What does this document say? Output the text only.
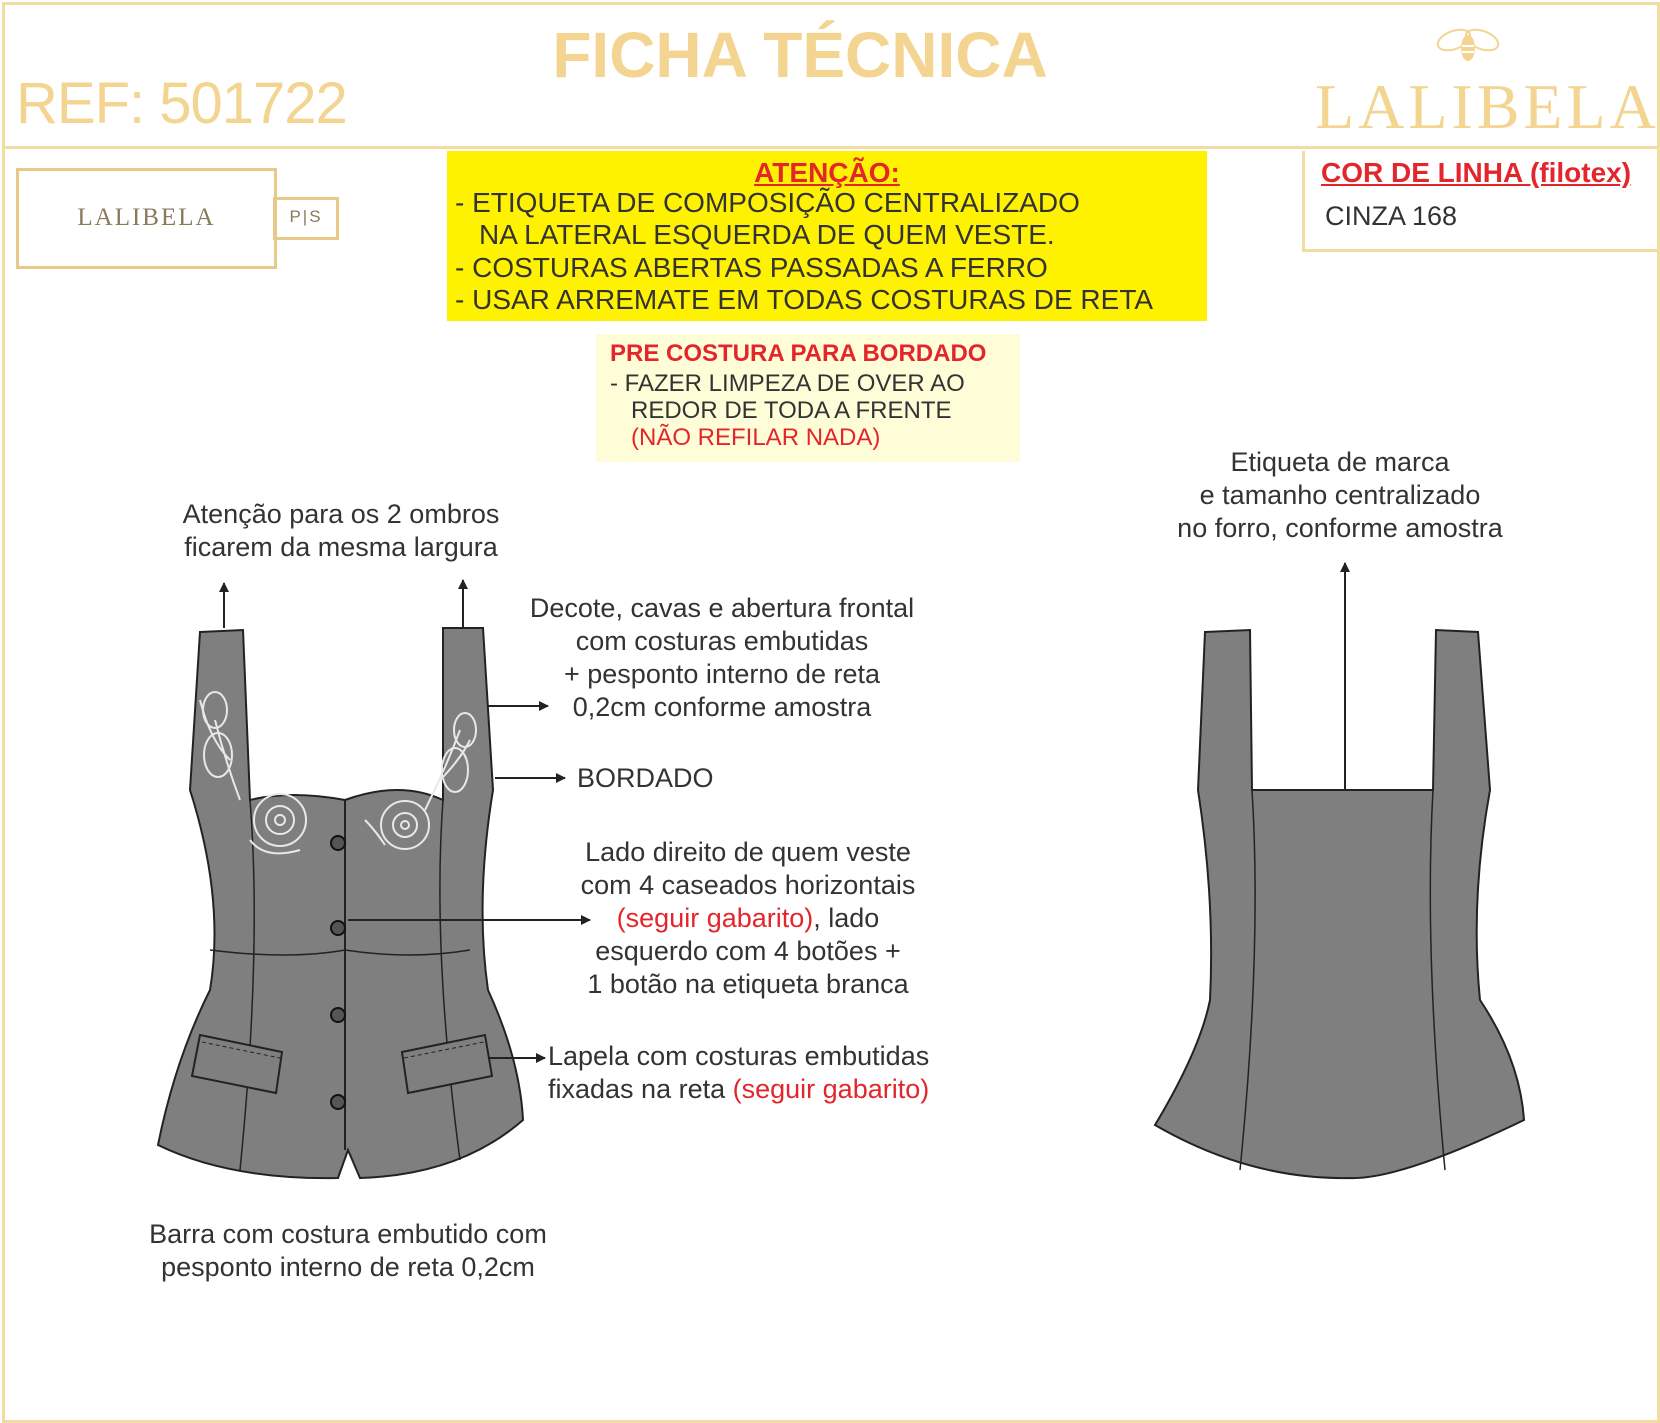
REF: 501722
FICHA TÉCNICA
LALIBELA
LALIBELA	P|S
ATENÇÃO:
- ETIQUETA DE COMPOSIÇÃO CENTRALIZADO
NA LATERAL ESQUERDA DE QUEM VESTE.
- COSTURAS ABERTAS PASSADAS A FERRO
- USAR ARREMATE EM TODAS COSTURAS DE RETA
COR DE LINHA (filotex)
CINZA 168
PRE COSTURA PARA BORDADO
- FAZER LIMPEZA DE OVER AO
REDOR DE TODA A FRENTE
(NÃO REFILAR NADA)
Atenção para os 2 ombros
ficarem da mesma largura
Decote, cavas e abertura frontal
com costuras embutidas
+ pesponto interno de reta
0,2cm conforme amostra
BORDADO
Lado direito de quem veste
com 4 caseados horizontais
(seguir gabarito), lado
esquerdo com 4 botões +
1 botão na etiqueta branca
Lapela com costuras embutidas
fixadas na reta (seguir gabarito)
Barra com costura embutido com
pesponto interno de reta 0,2cm
Etiqueta de marca
e tamanho centralizado
no forro, conforme amostra
